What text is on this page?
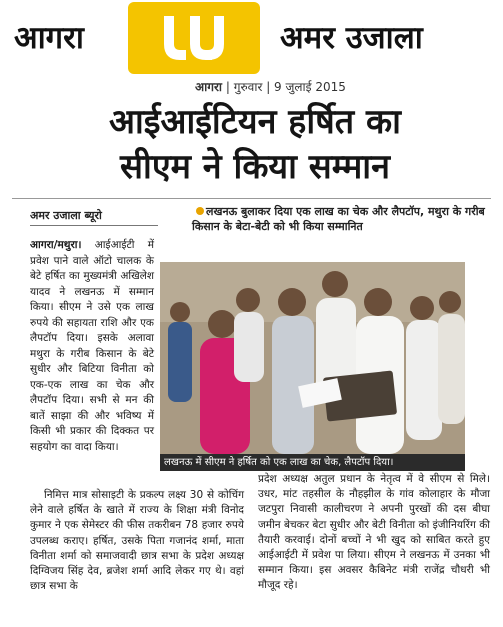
आगरा	अमर उजाला
आगरा | गुरुवार | 9 जुलाई 2015
आईआईटियन हर्षित का
सीएम ने किया सम्मान
अमर उजाला ब्यूरो
आगरा/मथुरा। आईआईटी में प्रवेश पाने वाले ऑटो चालक के बेटे हर्षित का मुख्यमंत्री अखिलेश यादव ने लखनऊ में सम्मान किया। सीएम ने उसे एक लाख रुपये की सहायता राशि और एक लैपटॉप दिया। इसके अलावा मथुरा के गरीब किसान के बेटे सुधीर और बिटिया विनीता को एक-एक लाख का चेक और लैपटॉप दिया। सभी से मन की बातें साझा की और भविष्य में किसी भी प्रकार की दिक्कत पर सहयोग का वादा किया।
लखनऊ बुलाकर दिया एक लाख का चेक और लैपटॉप, मथुरा के गरीब किसान के बेटा-बेटी को भी किया सम्मानित
लखनऊ में सीएम ने हर्षित को एक लाख का चेक, लैपटॉप दिया।
निमित्त मात्र सोसाइटी के प्रकल्प लक्ष्य 30 से कोचिंग लेने वाले हर्षित के खाते में राज्य के शिक्षा मंत्री विनोद कुमार ने एक सेमेस्टर की फीस तकरीबन 78 हजार रुपये उपलब्ध कराए। हर्षित, उसके पिता गजानंद शर्मा, माता विनीता शर्मा को समाजवादी छात्र सभा के प्रदेश अध्यक्ष दिग्विजय सिंह देव, ब्रजेश शर्मा आदि लेकर गए थे। वहां छात्र सभा के
प्रदेश अध्यक्ष अतुल प्रधान के नेतृत्व में वे सीएम से मिले। उधर, मांट तहसील के नौहझील के गांव कोलाहार के मौजा जटपुरा निवासी कालीचरण ने अपनी पुरखों की दस बीघा जमीन बेचकर बेटा सुधीर और बेटी विनीता को इंजीनियरिंग की तैयारी करवाई। दोनों बच्चों ने भी खुद को साबित करते हुए आईआईटी में प्रवेश पा लिया। सीएम ने लखनऊ में उनका भी सम्मान किया। इस अवसर कैबिनेट मंत्री राजेंद्र चौधरी भी मौजूद रहे।
